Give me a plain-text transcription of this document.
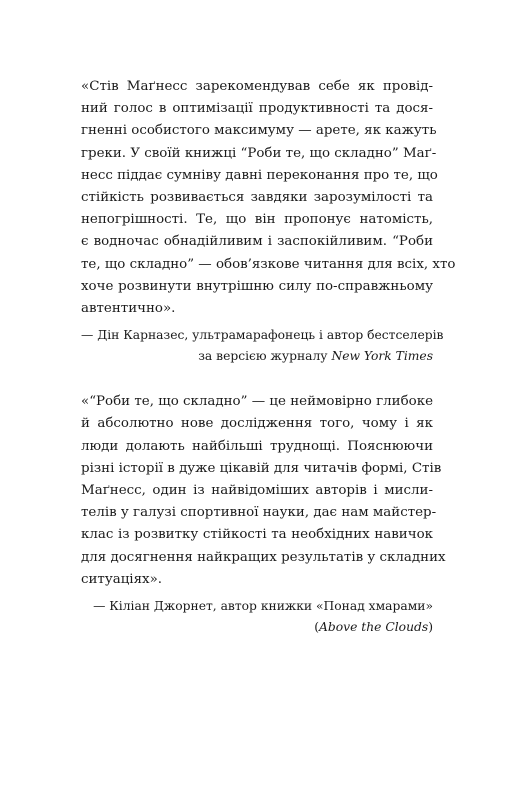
«Стів Маґнесс зарекомендував себе як провід-
ний голос в оптимізації продуктивності та дося-
гненні особистого максимуму — арете, як кажуть
греки. У своїй книжці “Роби те, що складно” Маґ-
несс піддає сумніву давні переконання про те, що
стійкість розвивається завдяки зарозумілості та
непогрішності. Те, що він пропонує натомість,
є водночас обнадійливим і заспокійливим. “Роби
те, що складно” — обов’язкове читання для всіх, хто
хоче розвинути внутрішню силу по-справжньому
автентично».

— Дін Карназес, ультрамарафонець і автор бестселерів
за версією журналу New York Times

«“Роби те, що складно” — це неймовірно глибоке
й абсолютно нове дослідження того, чому і як
люди долають найбільші труднощі. Пояснюючи
різні історії в дуже цікавій для читачів формі, Стів
Маґнесс, один із найвідоміших авторів і мисли-
телів у галузі спортивної науки, дає нам майстер-
клас із розвитку стійкості та необхідних навичок
для досягнення найкращих результатів у складних
ситуаціях».

— Кіліан Джорнет, автор книжки «Понад хмарами»
(Above the Clouds)
